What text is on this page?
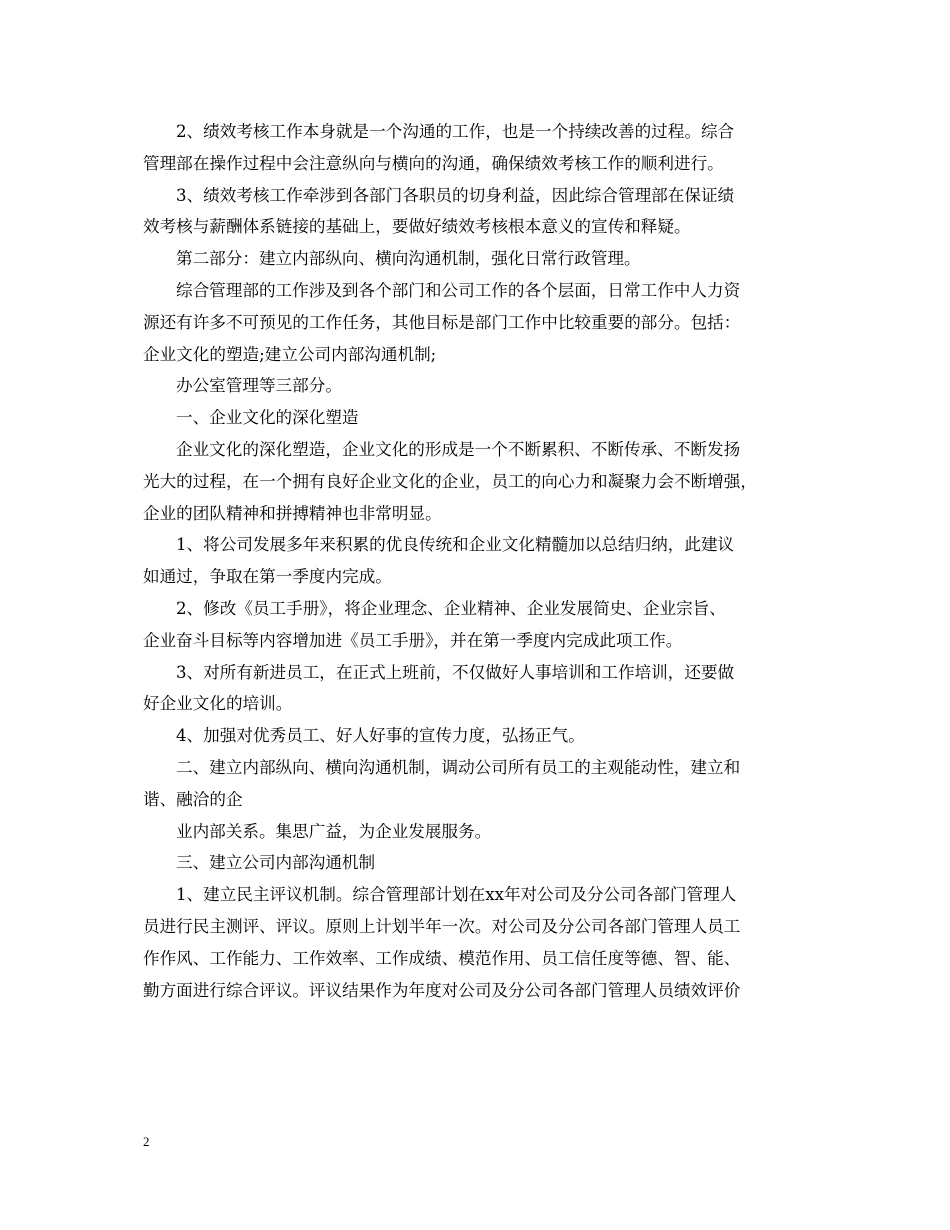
2、绩效考核工作本身就是一个沟通的工作，也是一个持续改善的过程。综合
管理部在操作过程中会注意纵向与横向的沟通，确保绩效考核工作的顺利进行。
3、绩效考核工作牵涉到各部门各职员的切身利益，因此综合管理部在保证绩
效考核与薪酬体系链接的基础上，要做好绩效考核根本意义的宣传和释疑。
第二部分：建立内部纵向、横向沟通机制，强化日常行政管理。
综合管理部的工作涉及到各个部门和公司工作的各个层面，日常工作中人力资
源还有许多不可预见的工作任务，其他目标是部门工作中比较重要的部分。包括：
企业文化的塑造;建立公司内部沟通机制;
办公室管理等三部分。
一、企业文化的深化塑造
企业文化的深化塑造，企业文化的形成是一个不断累积、不断传承、不断发扬
光大的过程，在一个拥有良好企业文化的企业，员工的向心力和凝聚力会不断增强，
企业的团队精神和拼搏精神也非常明显。
1、将公司发展多年来积累的优良传统和企业文化精髓加以总结归纳，此建议
如通过，争取在第一季度内完成。
2、修改《员工手册》，将企业理念、企业精神、企业发展简史、企业宗旨、
企业奋斗目标等内容增加进《员工手册》，并在第一季度内完成此项工作。
3、对所有新进员工，在正式上班前，不仅做好人事培训和工作培训，还要做
好企业文化的培训。
4、加强对优秀员工、好人好事的宣传力度，弘扬正气。
二、建立内部纵向、横向沟通机制，调动公司所有员工的主观能动性，建立和
谐、融洽的企
业内部关系。集思广益，为企业发展服务。
三、建立公司内部沟通机制
1、建立民主评议机制。综合管理部计划在xx年对公司及分公司各部门管理人
员进行民主测评、评议。原则上计划半年一次。对公司及分公司各部门管理人员工
作作风、工作能力、工作效率、工作成绩、模范作用、员工信任度等德、智、能、
勤方面进行综合评议。评议结果作为年度对公司及分公司各部门管理人员绩效评价
2
